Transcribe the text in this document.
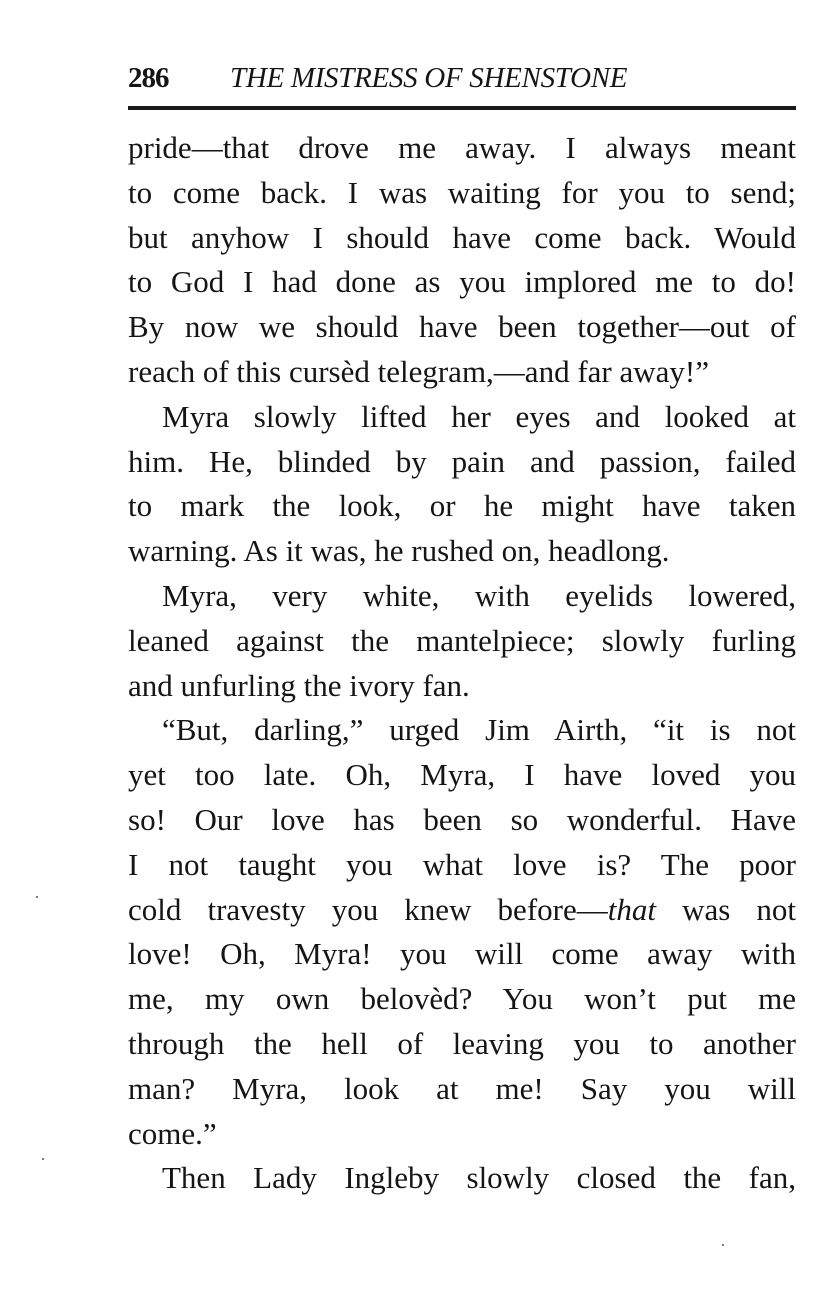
286 THE MISTRESS OF SHENSTONE
pride—that drove me away. I always meant
to come back. I was waiting for you to send;
but anyhow I should have come back. Would
to God I had done as you implored me to do!
By now we should have been together—out of
reach of this cursèd telegram,—and far away!”
Myra slowly lifted her eyes and looked at
him. He, blinded by pain and passion, failed
to mark the look, or he might have taken
warning. As it was, he rushed on, headlong.
Myra, very white, with eyelids lowered,
leaned against the mantelpiece; slowly furling
and unfurling the ivory fan.
“But, darling,” urged Jim Airth, “it is not
yet too late. Oh, Myra, I have loved you
so! Our love has been so wonderful. Have
I not taught you what love is? The poor
cold travesty you knew before—that was not
love! Oh, Myra! you will come away with
me, my own belovèd? You won’t put me
through the hell of leaving you to another
man? Myra, look at me! Say you will
come.”
Then Lady Ingleby slowly closed the fan,
